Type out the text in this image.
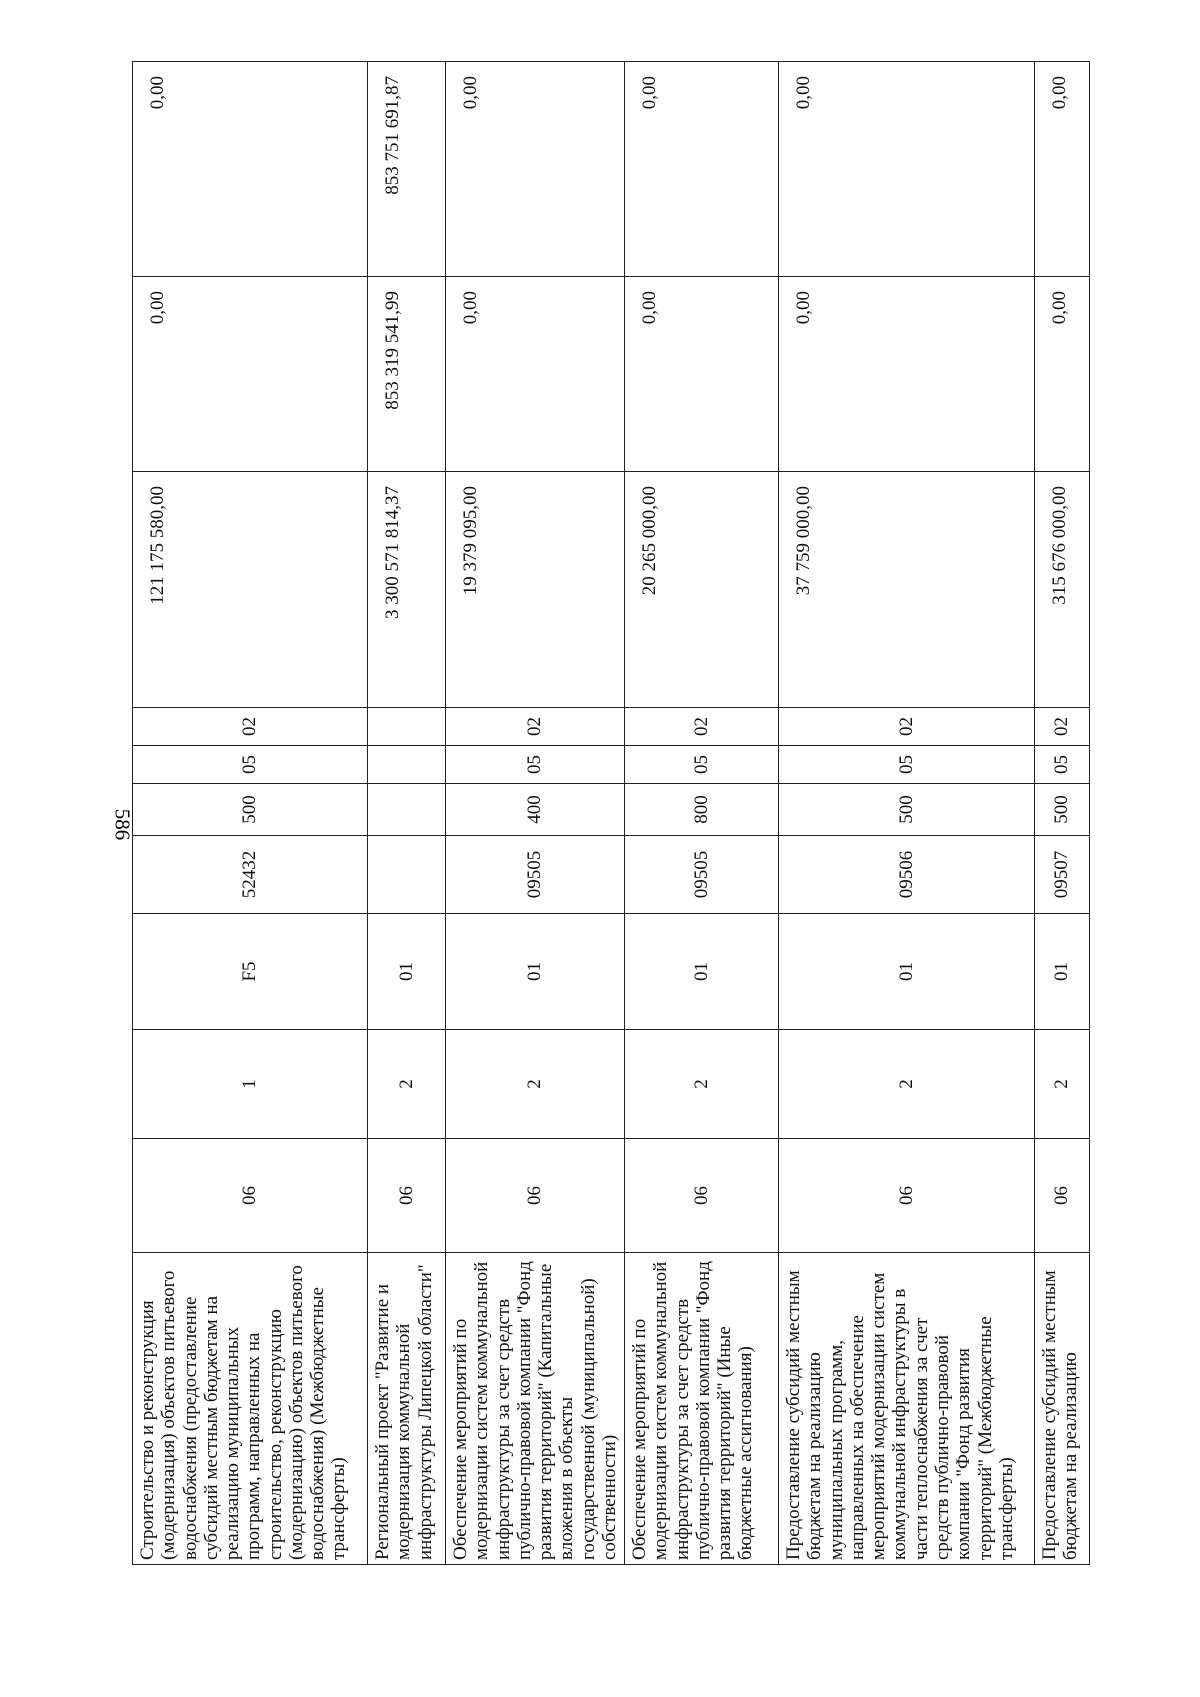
586
Строительство и реконструкция (модернизация) объектов питьевого водоснабжения (предоставление субсидий местным бюджетам на реализацию муниципальных программ, направленных на строительство, реконструкцию (модернизацию) объектов питьевого водоснабжения) (Межбюджетные трансферты)	06	1	F5	52432	500	05	02	121 175 580,00	0,00	0,00
Региональный проект "Развитие и модернизация коммунальной инфраструктуры Липецкой области"	06	2	01					3 300 571 814,37	853 319 541,99	853 751 691,87
Обеспечение мероприятий по модернизации систем коммунальной инфраструктуры за счет средств публично-правовой компании "Фонд развития территорий" (Капитальные вложения в объекты государственной (муниципальной) собственности)	06	2	01	09505	400	05	02	19 379 095,00	0,00	0,00
Обеспечение мероприятий по модернизации систем коммунальной инфраструктуры за счет средств публично-правовой компании "Фонд развития территорий" (Иные бюджетные ассигнования)	06	2	01	09505	800	05	02	20 265 000,00	0,00	0,00
Предоставление субсидий местным бюджетам на реализацию муниципальных программ, направленных на обеспечение мероприятий модернизации систем коммунальной инфраструктуры в части теплоснабжения за счет средств публично-правовой компании "Фонд развития территорий" (Межбюджетные трансферты)	06	2	01	09506	500	05	02	37 759 000,00	0,00	0,00
Предоставление субсидий местным бюджетам на реализацию	06	2	01	09507	500	05	02	315 676 000,00	0,00	0,00
